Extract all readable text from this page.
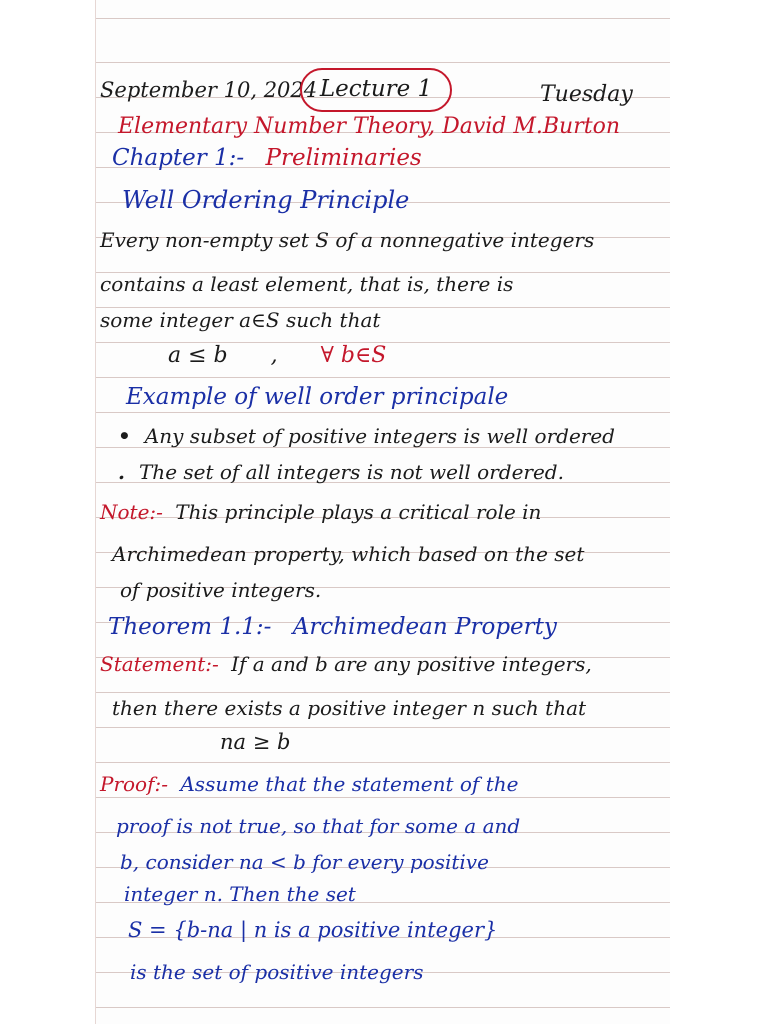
September 10, 2024 Lecture 1	Tuesday
Elementary Number Theory, David M.Burton
Chapter 1:- Preliminaries
Well Ordering Principle
Every non-empty set S of a nonnegative integers
contains a least element, that is, there is
some integer a∈S such that
a ≤ b , ∀ b∈S
Example of well order principale
• Any subset of positive integers is well ordered
. The set of all integers is not well ordered.
Note:- This principle plays a critical role in
Archimedean property, which based on the set
of positive integers.
Theorem 1.1:- Archimedean Property
Statement:- If a and b are any positive integers,
then there exists a positive integer n such that
na ≥ b
Proof:- Assume that the statement of the
proof is not true, so that for some a and
b, consider na < b for every positive
integer n. Then the set
S = {b-na | n is a positive integer}
is the set of positive integers
